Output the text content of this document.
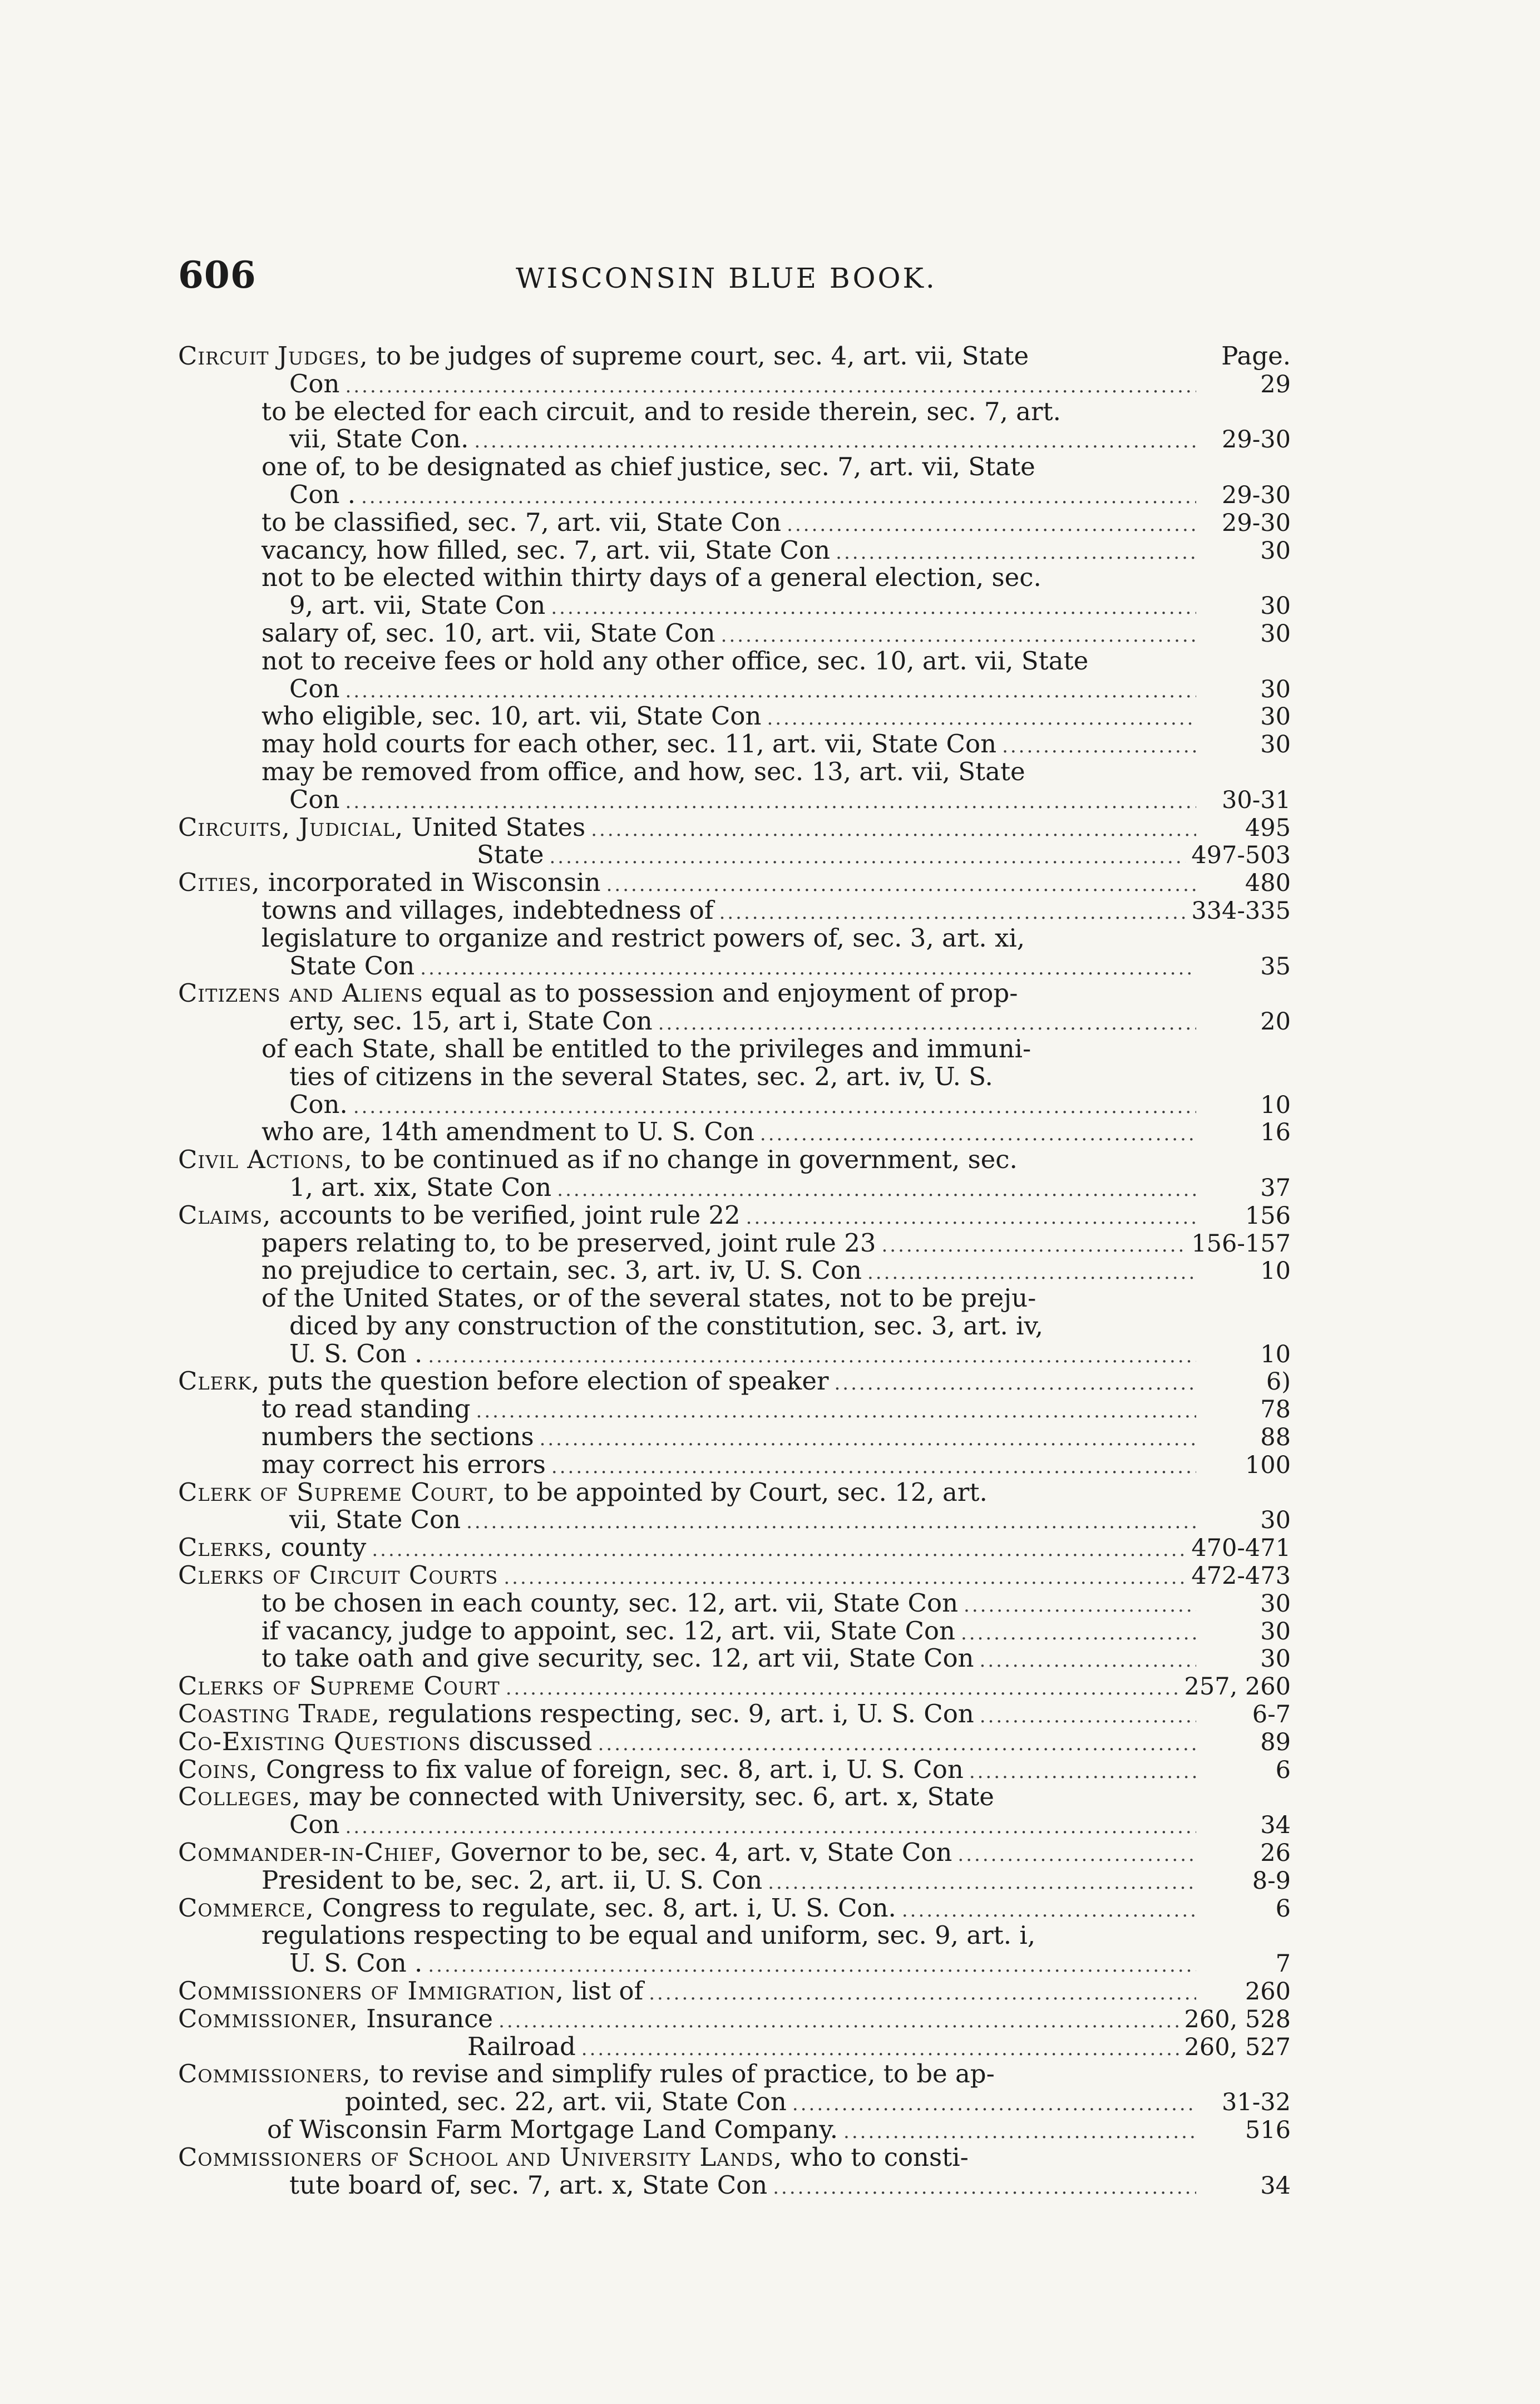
606	WISCONSIN BLUE BOOK.
Circuit Judges, to be judges of supreme court, sec. 4, art. vii, State	Page.
Con .....	29
to be elected for each circuit, and to reside therein, sec. 7, art.
vii, State Con. .....	29-30
one of, to be designated as chief justice, sec. 7, art. vii, State
Con . .....	29-30
to be classified, sec. 7, art. vii, State Con .....	29-30
vacancy, how filled, sec. 7, art. vii, State Con .....	30
not to be elected within thirty days of a general election, sec.
9, art. vii, State Con .....	30
salary of, sec. 10, art. vii, State Con .....	30
not to receive fees or hold any other office, sec. 10, art. vii, State
Con .....	30
who eligible, sec. 10, art. vii, State Con .....	30
may hold courts for each other, sec. 11, art. vii, State Con .....	30
may be removed from office, and how, sec. 13, art. vii, State
Con .....	30-31
Circuits, Judicial, United States .....	495
State .....	497-503
Cities, incorporated in Wisconsin .....	480
towns and villages, indebtedness of .....	334-335
legislature to organize and restrict powers of, sec. 3, art. xi,
State Con .....	35
Citizens and Aliens equal as to possession and enjoyment of prop-
erty, sec. 15, art i, State Con .....	20
of each State, shall be entitled to the privileges and immuni-
ties of citizens in the several States, sec. 2, art. iv, U. S.
Con. .....	10
who are, 14th amendment to U. S. Con .....	16
Civil Actions, to be continued as if no change in government, sec.
1, art. xix, State Con .....	37
Claims, accounts to be verified, joint rule 22 .....	156
papers relating to, to be preserved, joint rule 23 .....	156-157
no prejudice to certain, sec. 3, art. iv, U. S. Con .....	10
of the United States, or of the several states, not to be preju-
diced by any construction of the constitution, sec. 3, art. iv,
U. S. Con . .....	10
Clerk, puts the question before election of speaker .....	6)
to read standing .....	78
numbers the sections .....	88
may correct his errors .....	100
Clerk of Supreme Court, to be appointed by Court, sec. 12, art.
vii, State Con .....	30
Clerks, county .....	470-471
Clerks of Circuit Courts .....	472-473
to be chosen in each county, sec. 12, art. vii, State Con .....	30
if vacancy, judge to appoint, sec. 12, art. vii, State Con .....	30
to take oath and give security, sec. 12, art vii, State Con .....	30
Clerks of Supreme Court .....	257, 260
Coasting Trade, regulations respecting, sec. 9, art. i, U. S. Con .....	6-7
Co-Existing Questions discussed .....	89
Coins, Congress to fix value of foreign, sec. 8, art. i, U. S. Con .....	6
Colleges, may be connected with University, sec. 6, art. x, State
Con .....	34
Commander-in-Chief, Governor to be, sec. 4, art. v, State Con .....	26
President to be, sec. 2, art. ii, U. S. Con .....	8-9
Commerce, Congress to regulate, sec. 8, art. i, U. S. Con. .....	6
regulations respecting to be equal and uniform, sec. 9, art. i,
U. S. Con . .....	7
Commissioners of Immigration, list of .....	260
Commissioner, Insurance .....	260, 528
Railroad .....	260, 527
Commissioners, to revise and simplify rules of practice, to be ap-
pointed, sec. 22, art. vii, State Con .....	31-32
of Wisconsin Farm Mortgage Land Company. .....	516
Commissioners of School and University Lands, who to consti-
tute board of, sec. 7, art. x, State Con .....	34
